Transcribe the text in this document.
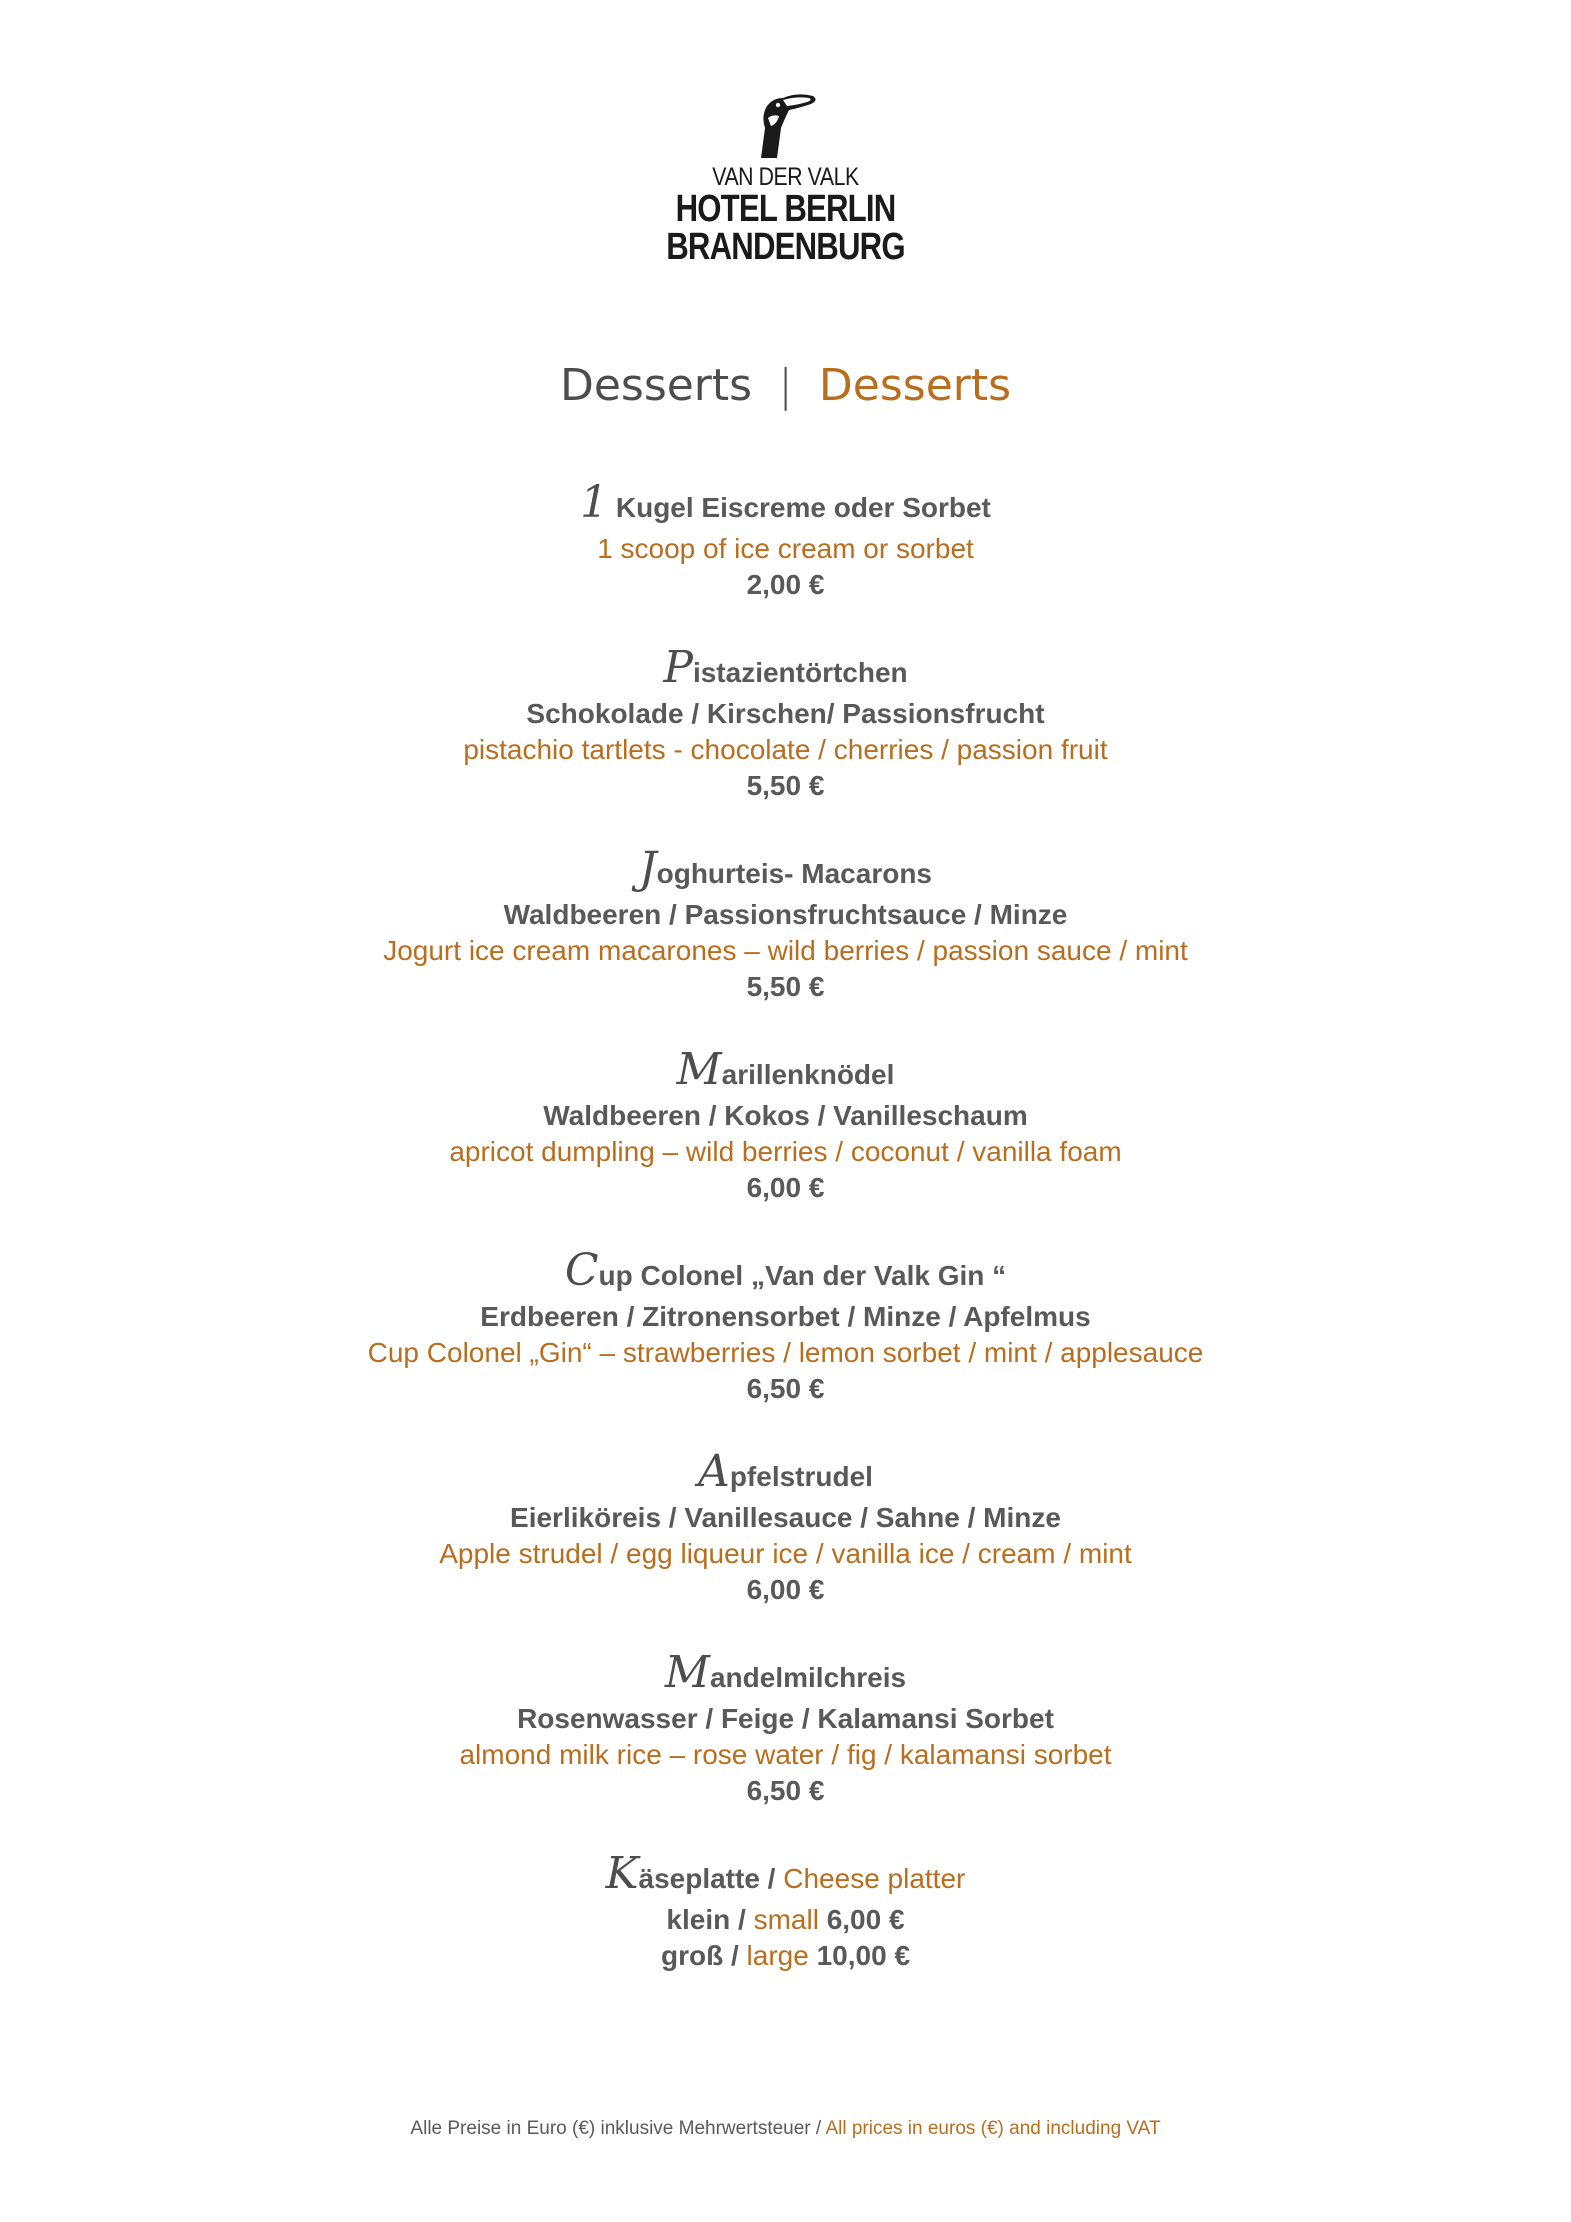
VAN DER VALK
HOTEL BERLIN
BRANDENBURG
Desserts | Desserts
1 Kugel Eiscreme oder Sorbet
1 scoop of ice cream or sorbet
2,00 €
Pistazientörtchen
Schokolade / Kirschen/ Passionsfrucht
pistachio tartlets - chocolate / cherries / passion fruit
5,50 €
Joghurteis- Macarons
Waldbeeren / Passionsfruchtsauce / Minze
Jogurt ice cream macarones – wild berries / passion sauce / mint
5,50 €
Marillenknödel
Waldbeeren / Kokos / Vanilleschaum
apricot dumpling – wild berries / coconut / vanilla foam
6,00 €
Cup Colonel „Van der Valk Gin “
Erdbeeren / Zitronensorbet / Minze / Apfelmus
Cup Colonel „Gin“ – strawberries / lemon sorbet / mint / applesauce
6,50 €
Apfelstrudel
Eierliköreis / Vanillesauce / Sahne / Minze
Apple strudel / egg liqueur ice / vanilla ice / cream / mint
6,00 €
Mandelmilchreis
Rosenwasser / Feige / Kalamansi Sorbet
almond milk rice – rose water / fig / kalamansi sorbet
6,50 €
Käseplatte / Cheese platter
klein / small 6,00 €
groß / large 10,00 €
Alle Preise in Euro (€) inklusive Mehrwertsteuer / All prices in euros (€) and including VAT
